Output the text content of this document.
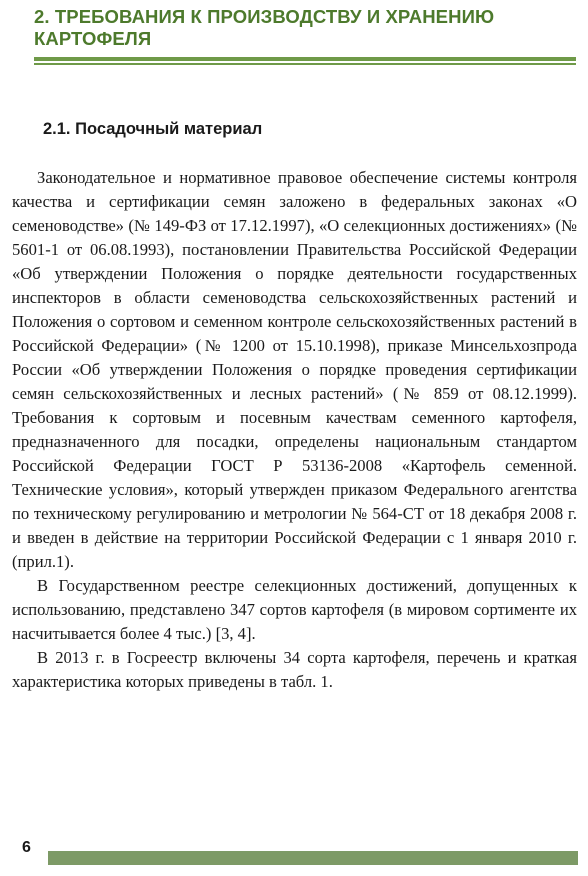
2. ТРЕБОВАНИЯ К ПРОИЗВОДСТВУ И ХРАНЕНИЮ КАРТОФЕЛЯ
2.1. Посадочный материал

Законодательное и нормативное правовое обеспечение системы контроля качества и сертификации семян заложено в федеральных законах «О семеноводстве» (№ 149-ФЗ от 17.12.1997), «О селекционных достижениях» (№ 5601-1 от 06.08.1993), постановлении Правительства Российской Федерации «Об утверждении Положения о порядке деятельности государственных инспекторов в области семеноводства сельскохозяйственных растений и Положения о сортовом и семенном контроле сельскохозяйственных растений в Российской Федерации» (№ 1200 от 15.10.1998), приказе Минсельхозпрода России «Об утверждении Положения о порядке проведения сертификации семян сельскохозяйственных и лесных растений» (№ 859 от 08.12.1999). Требования к сортовым и посевным качествам семенного картофеля, предназначенного для посадки, определены национальным стандартом Российской Федерации ГОСТ Р 53136-2008 «Картофель семенной. Технические условия», который утвержден приказом Федерального агентства по техническому регулированию и метрологии № 564-СТ от 18 декабря 2008 г. и введен в действие на территории Российской Федерации с 1 января 2010 г. (прил.1).

В Государственном реестре селекционных достижений, допущенных к использованию, представлено 347 сортов картофеля (в мировом сортименте их насчитывается более 4 тыс.) [3, 4].

В 2013 г. в Госреестр включены 34 сорта картофеля, перечень и краткая характеристика которых приведены в табл. 1.

6
